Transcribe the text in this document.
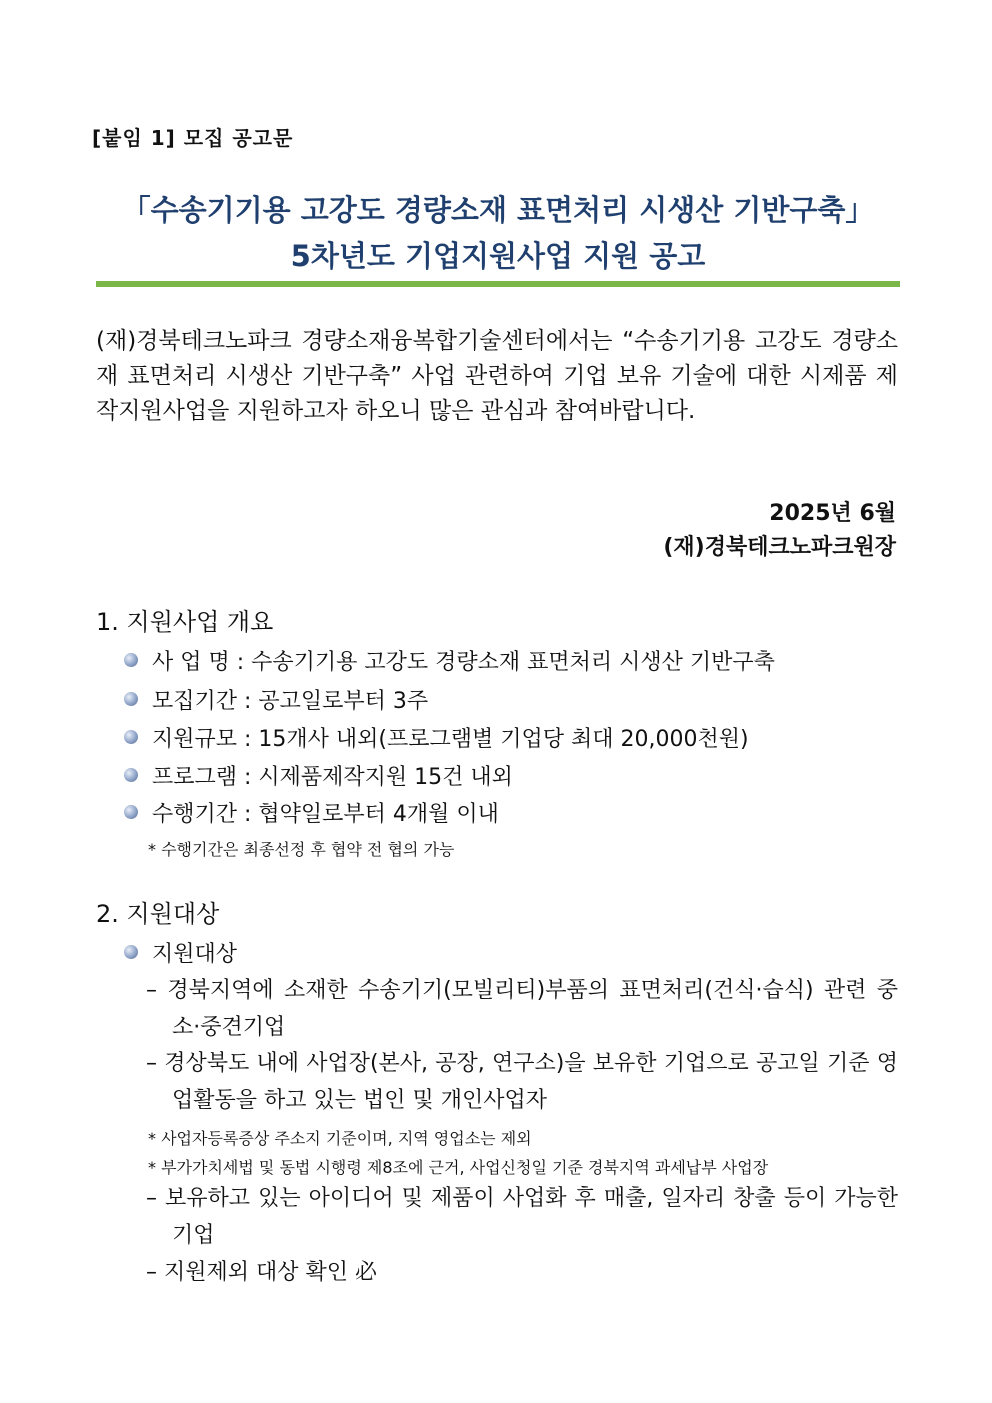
[붙임 1] 모집 공고문
「수송기기용 고강도 경량소재 표면처리 시생산 기반구축」
5차년도 기업지원사업 지원 공고
(재)경북테크노파크 경량소재융복합기술센터에서는 “수송기기용 고강도 경량소재 표면처리 시생산 기반구축” 사업 관련하여 기업 보유 기술에 대한 시제품 제작지원사업을 지원하고자 하오니 많은 관심과 참여바랍니다.
2025년 6월
(재)경북테크노파크원장
1. 지원사업 개요
사 업 명 : 수송기기용 고강도 경량소재 표면처리 시생산 기반구축
모집기간 : 공고일로부터 3주
지원규모 : 15개사 내외(프로그램별 기업당 최대 20,000천원)
프로그램 : 시제품제작지원 15건 내외
수행기간 : 협약일로부터 4개월 이내
* 수행기간은 최종선정 후 협약 전 협의 가능
2. 지원대상
지원대상
– 경북지역에 소재한 수송기기(모빌리티)부품의 표면처리(건식·습식) 관련 중소·중견기업
– 경상북도 내에 사업장(본사, 공장, 연구소)을 보유한 기업으로 공고일 기준 영업활동을 하고 있는 법인 및 개인사업자
* 사업자등록증상 주소지 기준이며, 지역 영업소는 제외
* 부가가치세법 및 동법 시행령 제8조에 근거, 사업신청일 기준 경북지역 과세납부 사업장
– 보유하고 있는 아이디어 및 제품이 사업화 후 매출, 일자리 창출 등이 가능한 기업
– 지원제외 대상 확인 必
